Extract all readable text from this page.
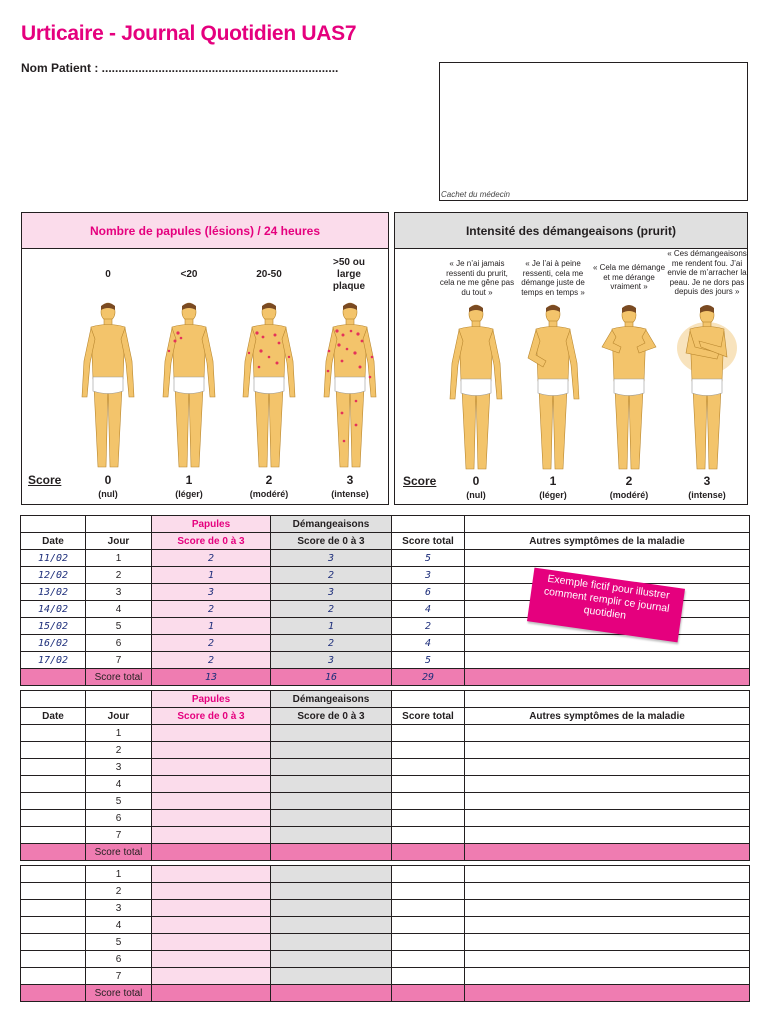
Urticaire - Journal Quotidien UAS7
Nom Patient : .......................................................................
Cachet du médecin
Nombre de papules (lésions) / 24 heures
0	<20	20-50
>50 ou large plaque
Score	0	1	2	3
(nul)	(léger)	(modéré)	(intense)
Intensité des démangeaisons (prurit)
« Je n’ai jamais ressenti du prurit, cela ne me gêne pas du tout »
« Je l’ai à peine ressenti, cela me démange juste de temps en temps »
« Cela me démange et me dérange vraiment »
« Ces démangeaisons me rendent fou. J’ai envie de m’arracher la peau. Je ne dors pas depuis des jours »
Score	0	1	2	3
(nul)	(léger)	(modéré)	(intense)
		Papules	Démangeaisons		
Date	Jour	Score de 0 à 3	Score de 0 à 3	Score total	Autres symptômes de la maladie
11/02	1	2	3	5	
12/02	2	1	2	3	
13/02	3	3	3	6	
14/02	4	2	2	4	
15/02	5	1	1	2	
16/02	6	2	2	4	
17/02	7	2	3	5	
	Score total	13	16	29	
Exemple fictif pour illustrer comment remplir ce journal quotidien
		Papules	Démangeaisons		
Date	Jour	Score de 0 à 3	Score de 0 à 3	Score total	Autres symptômes de la maladie
	1				
	2				
	3				
	4				
	5				
	6				
	7				
	Score total				
	1				
	2				
	3				
	4				
	5				
	6				
	7				
	Score total				
